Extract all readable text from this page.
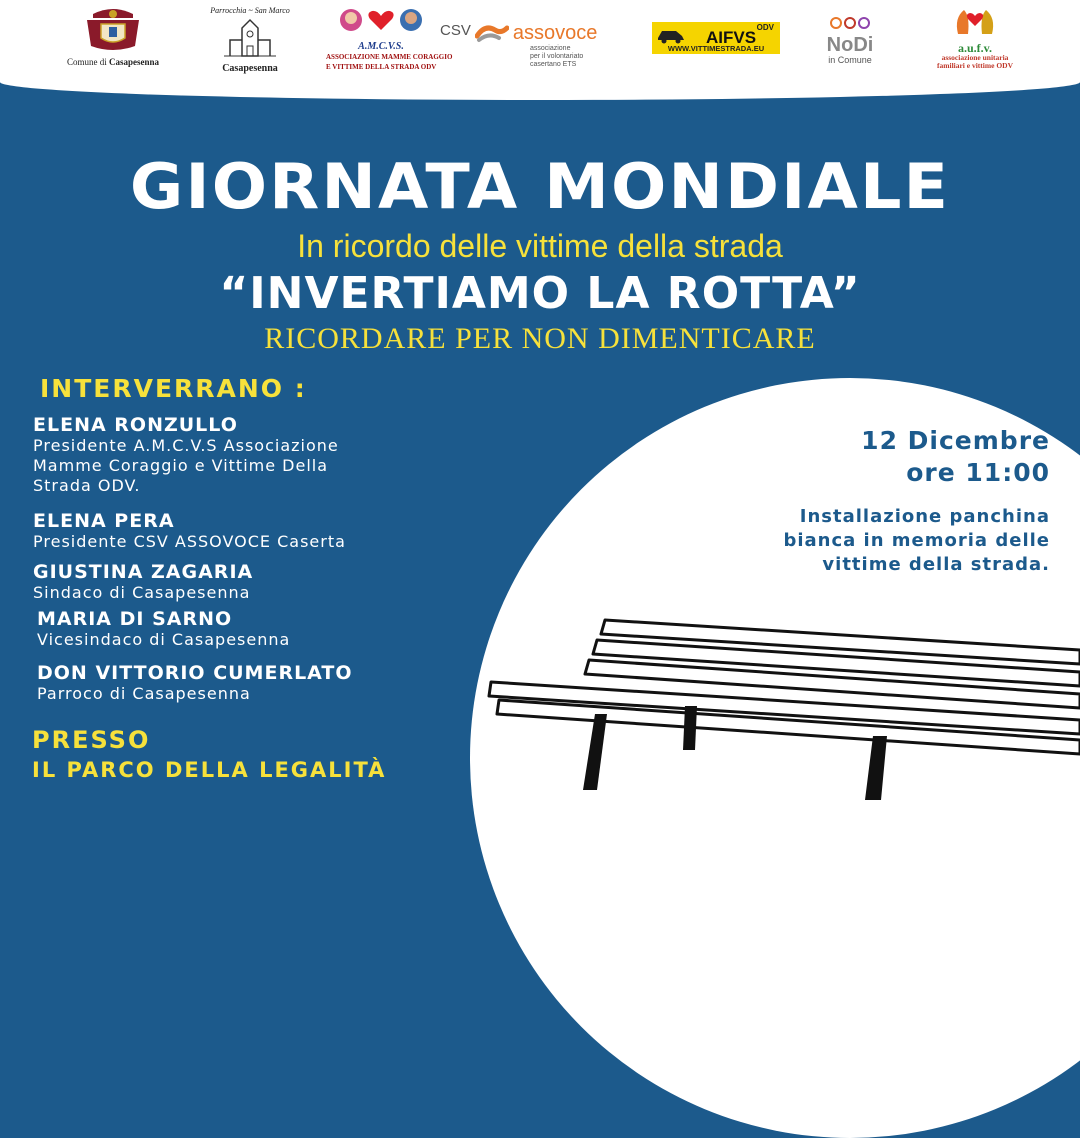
Comune di Casapesenna
Parrocchia ~ San Marco
Casapesenna
A.M.C.V.S.
ASSOCIAZIONE MAMME CORAGGIO
E VITTIME DELLA STRADA ODV
CSV assovoce
associazione
per il volontariato
casertano ETS
ODV
AIFVS
WWW.VITTIMESTRADA.EU	NoDi
in Comune
a.u.f.v.
associazione unitaria
familiari e vittime ODV
GIORNATA MONDIALE
In ricordo delle vittime della strada
“INVERTIAMO LA ROTTA”
RICORDARE PER NON DIMENTICARE
12 Dicembre
ore 11:00
Installazione panchina
bianca in memoria delle
vittime della strada.
INTERVERRANO :
ELENA RONZULLO
Presidente A.M.C.V.S Associazione
Mamme Coraggio e Vittime Della
Strada ODV.
ELENA PERA
Presidente CSV ASSOVOCE Caserta
GIUSTINA ZAGARIA
Sindaco di Casapesenna
MARIA DI SARNO
Vicesindaco di Casapesenna
DON VITTORIO CUMERLATO
Parroco di Casapesenna
PRESSO
IL PARCO DELLA LEGALITÀ
